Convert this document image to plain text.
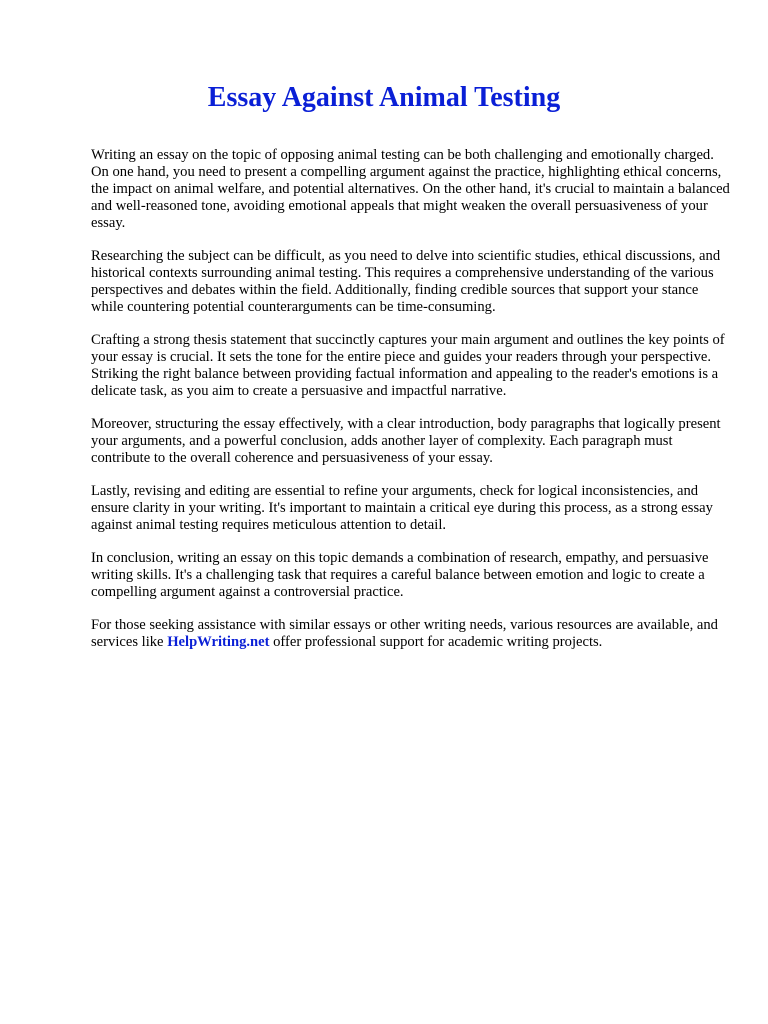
Essay Against Animal Testing

Writing an essay on the topic of opposing animal testing can be both challenging and emotionally charged. On one hand, you need to present a compelling argument against the practice, highlighting ethical concerns, the impact on animal welfare, and potential alternatives. On the other hand, it's crucial to maintain a balanced and well-reasoned tone, avoiding emotional appeals that might weaken the overall persuasiveness of your essay.

Researching the subject can be difficult, as you need to delve into scientific studies, ethical discussions, and historical contexts surrounding animal testing. This requires a comprehensive understanding of the various perspectives and debates within the field. Additionally, finding credible sources that support your stance while countering potential counterarguments can be time-consuming.

Crafting a strong thesis statement that succinctly captures your main argument and outlines the key points of your essay is crucial. It sets the tone for the entire piece and guides your readers through your perspective. Striking the right balance between providing factual information and appealing to the reader's emotions is a delicate task, as you aim to create a persuasive and impactful narrative.

Moreover, structuring the essay effectively, with a clear introduction, body paragraphs that logically present your arguments, and a powerful conclusion, adds another layer of complexity. Each paragraph must contribute to the overall coherence and persuasiveness of your essay.

Lastly, revising and editing are essential to refine your arguments, check for logical inconsistencies, and ensure clarity in your writing. It's important to maintain a critical eye during this process, as a strong essay against animal testing requires meticulous attention to detail.

In conclusion, writing an essay on this topic demands a combination of research, empathy, and persuasive writing skills. It's a challenging task that requires a careful balance between emotion and logic to create a compelling argument against a controversial practice.

For those seeking assistance with similar essays or other writing needs, various resources are available, and services like HelpWriting.net offer professional support for academic writing projects.
